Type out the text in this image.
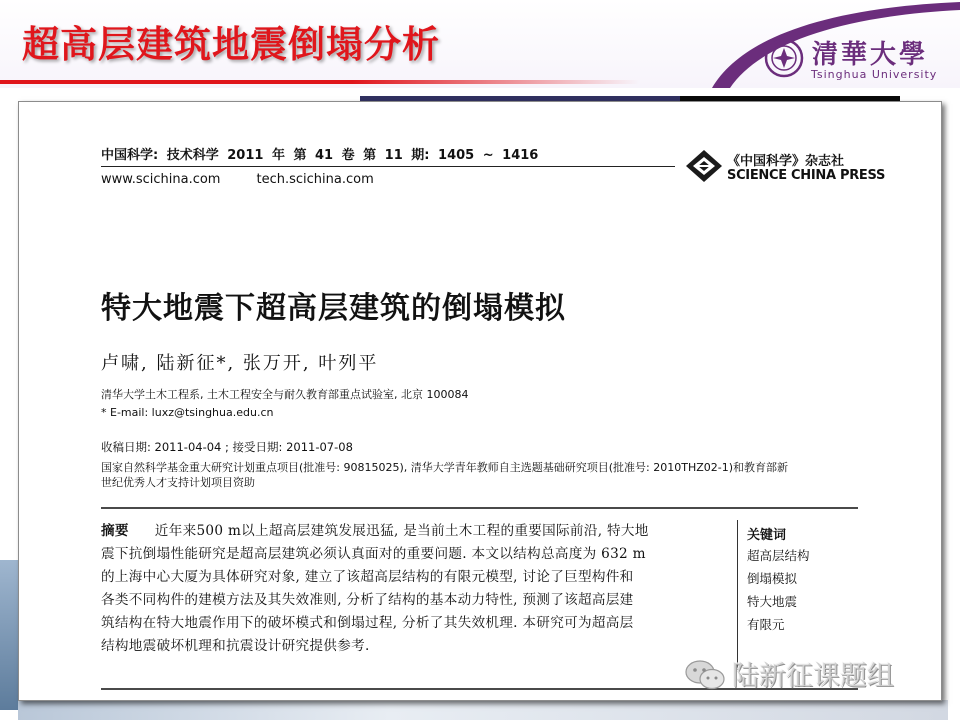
超高层建筑地震倒塌分析	清華大學
Tsinghua University
中国科学: 技术科学 2011 年 第 41 卷 第 11 期: 1405 ~ 1416
www.scichina.com	tech.scichina.com
《中国科学》杂志社
SCIENCE CHINA PRESS
特大地震下超高层建筑的倒塌模拟
卢啸, 陆新征*, 张万开, 叶列平
清华大学土木工程系, 土木工程安全与耐久教育部重点试验室, 北京 100084
* E-mail: luxz@tsinghua.edu.cn
收稿日期: 2011-04-04 ; 接受日期: 2011-07-08
国家自然科学基金重大研究计划重点项目(批准号: 90815025), 清华大学青年教师自主选题基础研究项目(批准号: 2010THZ02-1)和教育部新
世纪优秀人才支持计划项目资助
摘要 近年来500 m以上超高层建筑发展迅猛, 是当前土木工程的重要国际前沿, 特大地
震下抗倒塌性能研究是超高层建筑必须认真面对的重要问题. 本文以结构总高度为 632 m
的上海中心大厦为具体研究对象, 建立了该超高层结构的有限元模型, 讨论了巨型构件和
各类不同构件的建模方法及其失效准则, 分析了结构的基本动力特性, 预测了该超高层建
筑结构在特大地震作用下的破坏模式和倒塌过程, 分析了其失效机理. 本研究可为超高层
结构地震破坏机理和抗震设计研究提供参考.
关键词
超高层结构
倒塌模拟
特大地震
有限元
陆新征课题组
